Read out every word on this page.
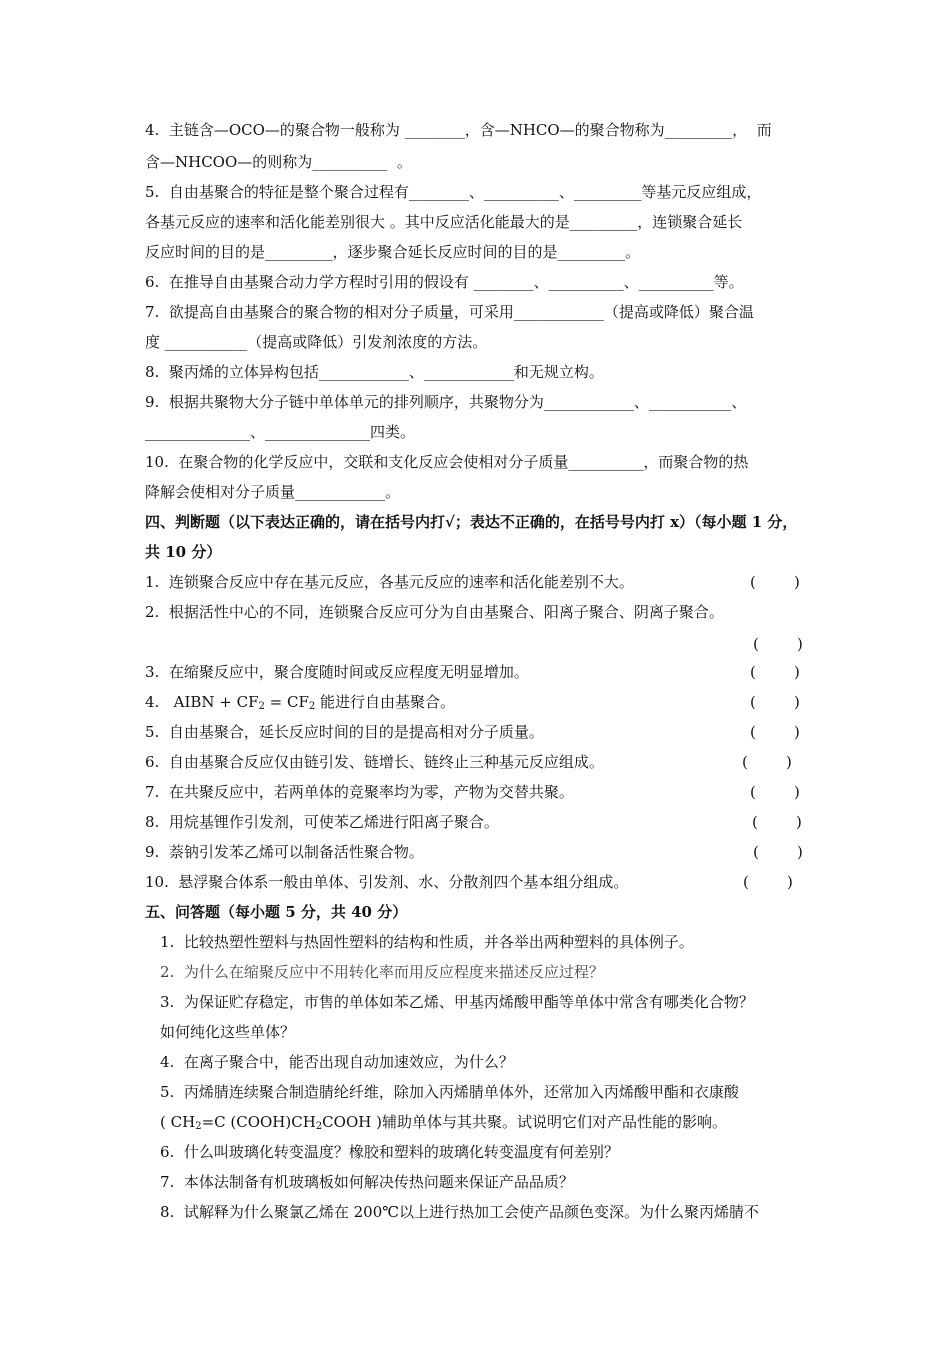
4.  主链含—OCO—的聚合物一般称为 ________，含—NHCO—的聚合物称为_________，  而
含—NHCOO—的则称为__________  。
5.  自由基聚合的特征是整个聚合过程有________、__________、_________等基元反应组成，
各基元反应的速率和活化能差别很大 。其中反应活化能最大的是_________，连锁聚合延长
反应时间的目的是_________，逐步聚合延长反应时间的目的是_________。
6.  在推导自由基聚合动力学方程时引用的假设有 ________、__________、__________等。
7.  欲提高自由基聚合的聚合物的相对分子质量，可采用____________（提高或降低）聚合温
度 ___________（提高或降低）引发剂浓度的方法。
8.  聚丙烯的立体异构包括____________、____________和无规立构。
9.  根据共聚物大分子链中单体单元的排列顺序，共聚物分为____________、___________、
______________、______________四类。
10.  在聚合物的化学反应中，交联和支化反应会使相对分子质量__________，而聚合物的热
降解会使相对分子质量____________。
四、判断题（以下表达正确的，请在括号内打√；表达不正确的，在括号号内打 x）（每小题 1 分，
共 10 分）
1.  连锁聚合反应中存在基元反应，各基元反应的速率和活化能差别不大。	(        )
2.  根据活性中心的不同，连锁聚合反应可分为自由基聚合、阳离子聚合、阴离子聚合。
(        )
3.  在缩聚反应中，聚合度随时间或反应程度无明显增加。	(        )
4.   AIBN + $CF_2 = CF_2$ 能进行自由基聚合。	(        )
5.  自由基聚合，延长反应时间的目的是提高相对分子质量。	(        )
6.  自由基聚合反应仅由链引发、链增长、链终止三种基元反应组成。	(        )
7.  在共聚反应中，若两单体的竞聚率均为零，产物为交替共聚。	(        )
8.  用烷基锂作引发剂，可使苯乙烯进行阳离子聚合。	(        )
9.  萘钠引发苯乙烯可以制备活性聚合物。	(        )
10.  悬浮聚合体系一般由单体、引发剂、水、分散剂四个基本组分组成。	(        )
五、问答题（每小题 5 分，共 40 分）
1.  比较热塑性塑料与热固性塑料的结构和性质，并各举出两种塑料的具体例子。
2.  为什么在缩聚反应中不用转化率而用反应程度来描述反应过程？
3.  为保证贮存稳定，市售的单体如苯乙烯、甲基丙烯酸甲酯等单体中常含有哪类化合物？
如何纯化这些单体？
4.  在离子聚合中，能否出现自动加速效应，为什么？
5.  丙烯腈连续聚合制造腈纶纤维，除加入丙烯腈单体外，还常加入丙烯酸甲酯和衣康酸
( $CH_2=C$ $(COOH)CH_2COOH$ )辅助单体与其共聚。试说明它们对产品性能的影响。
6.  什么叫玻璃化转变温度？橡胶和塑料的玻璃化转变温度有何差别？
7.  本体法制备有机玻璃板如何解决传热问题来保证产品品质？
8.  试解释为什么聚氯乙烯在 200℃以上进行热加工会使产品颜色变深。为什么聚丙烯腈不
